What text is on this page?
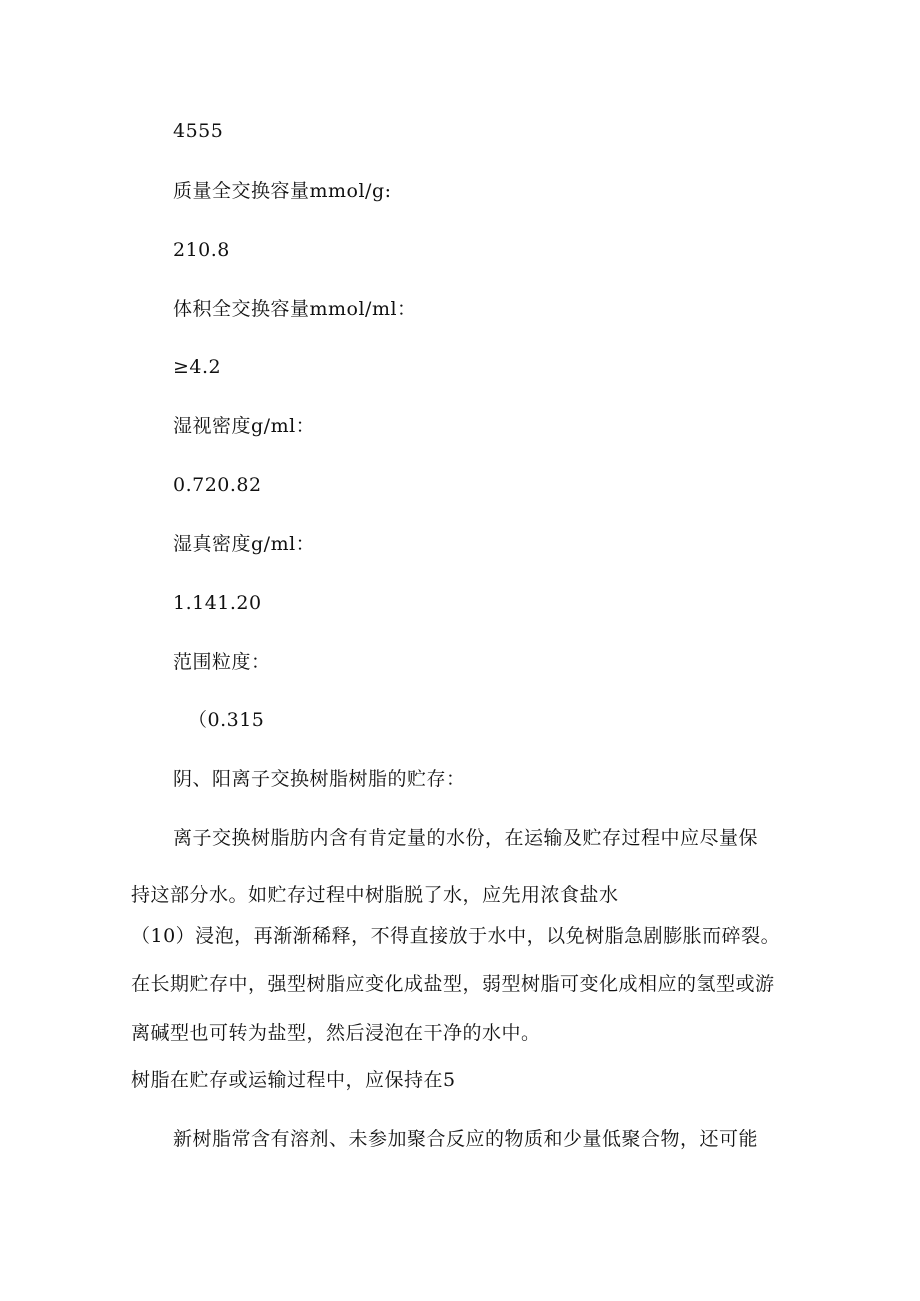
4555
质量全交换容量mmol/g:
210.8
体积全交换容量mmol/ml：
≥4.2
湿视密度g/ml：
0.720.82
湿真密度g/ml：
1.141.20
范围粒度：
（0.315
阴、阳离子交换树脂树脂的贮存：
离子交换树脂肪内含有肯定量的水份，在运输及贮存过程中应尽量保
持这部分水。如贮存过程中树脂脱了水，应先用浓食盐水
（10）浸泡，再渐渐稀释，不得直接放于水中，以免树脂急剧膨胀而碎裂。
在长期贮存中，强型树脂应变化成盐型，弱型树脂可变化成相应的氢型或游
离碱型也可转为盐型，然后浸泡在干净的水中。
树脂在贮存或运输过程中，应保持在5
新树脂常含有溶剂、未参加聚合反应的物质和少量低聚合物，还可能
